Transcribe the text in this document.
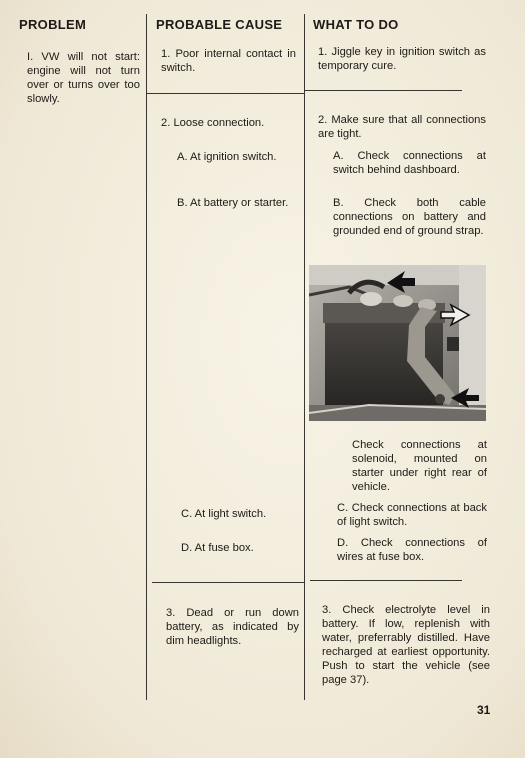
PROBLEM	PROBABLE CAUSE WHAT TO DO
I. VW will not start: engine will not turn over or turns over too slowly.
1. Poor internal contact in switch.
2. Loose connection.
A. At ignition switch.
B. At battery or starter.
C. At light switch.
D. At fuse box.
3. Dead or run down battery, as indicated by dim headlights.
1. Jiggle key in ignition switch as temporary cure.
2. Make sure that all connections are tight.
A. Check connections at switch behind dashboard.
B. Check both cable connections on battery and grounded end of ground strap.
Check connections at solenoid, mounted on starter under right rear of vehicle.
C. Check connections at back of light switch.
D. Check connections of wires at fuse box.
3. Check electrolyte level in battery. If low, replenish with water, preferrably distilled. Have recharged at earliest opportunity. Push to start the vehicle (see page 37).
31
